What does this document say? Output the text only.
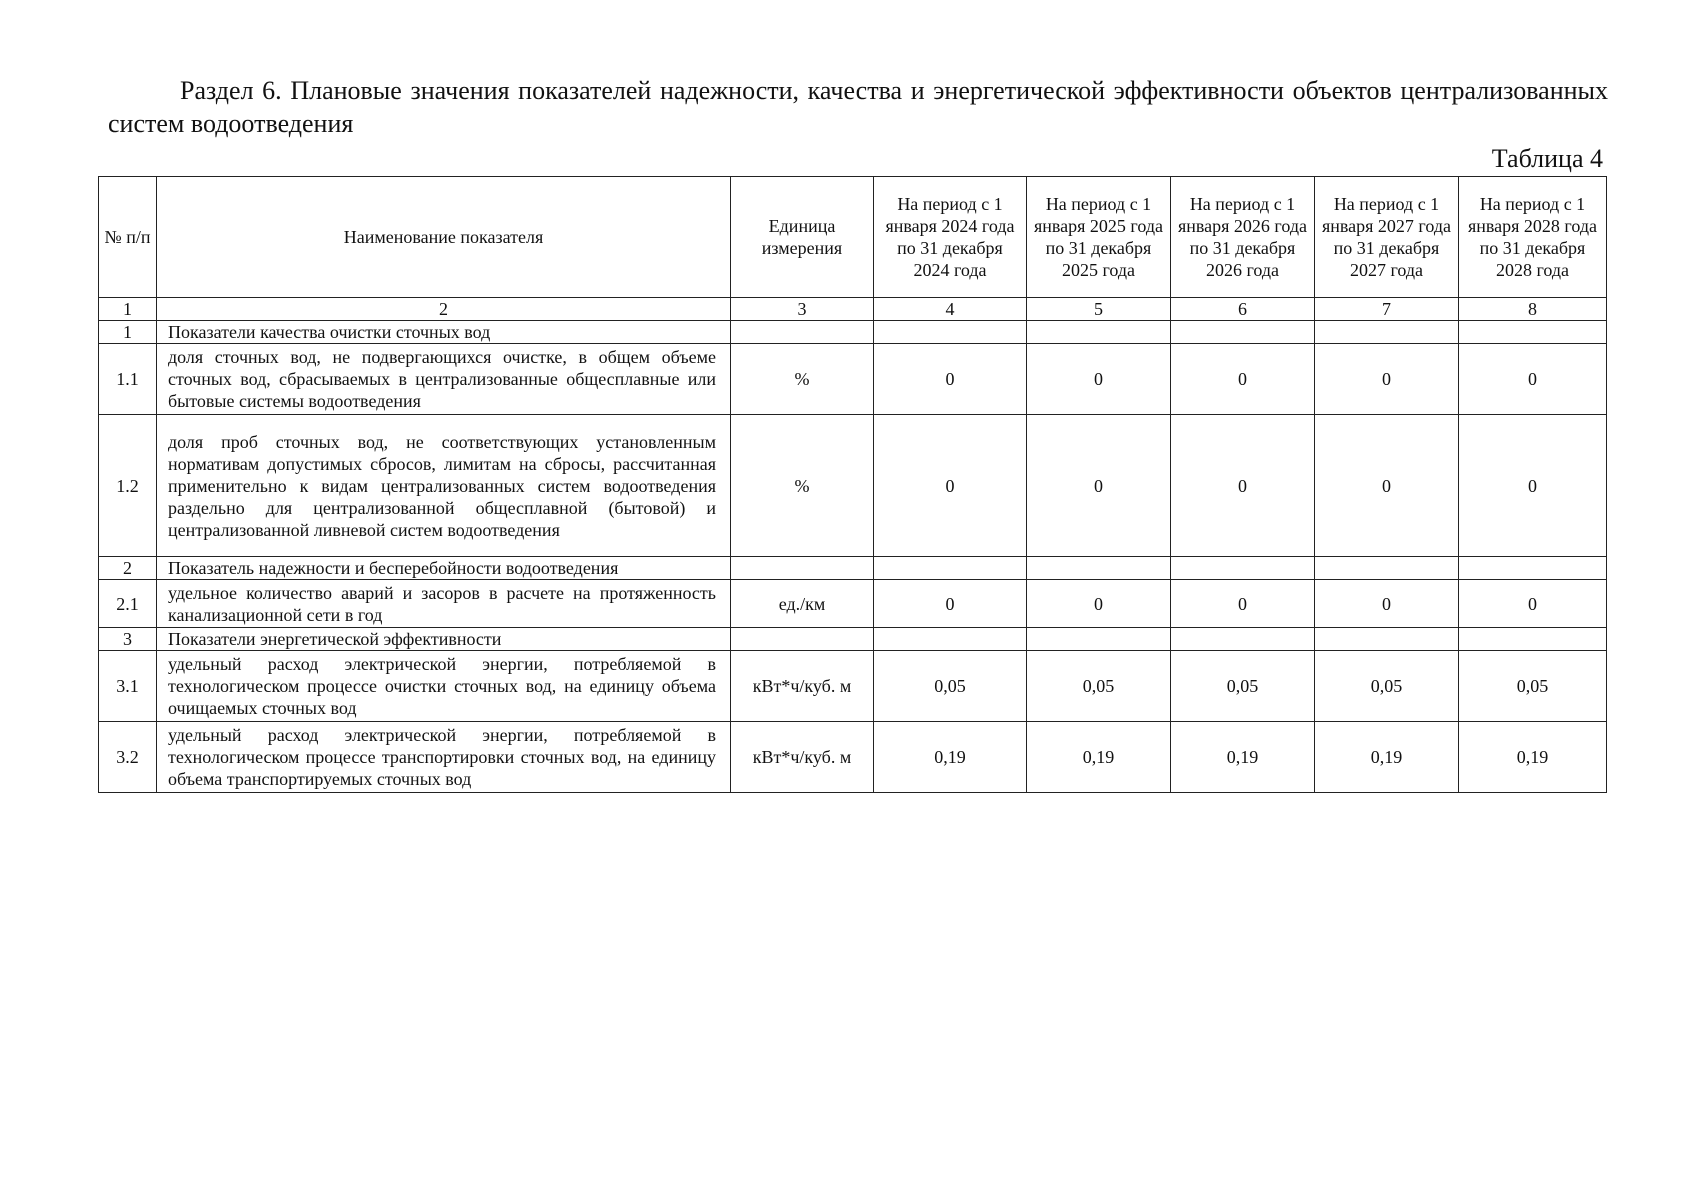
Раздел 6. Плановые значения показателей надежности, качества и энергетической эффективности объектов централизованных систем водоотведения
Таблица 4
№ п/п	Наименование показателя	Единица измерения	На период с 1 января 2024 года по 31 декабря 2024 года	На период с 1 января 2025 года по 31 декабря 2025 года	На период с 1 января 2026 года по 31 декабря 2026 года	На период с 1 января 2027 года по 31 декабря 2027 года	На период с 1 января 2028 года по 31 декабря 2028 года
1	2	3	4	5	6	7	8
1	Показатели качества очистки сточных вод						
1.1	доля сточных вод, не подвергающихся очистке, в общем объеме сточных вод, сбрасываемых в централизованные общесплавные или бытовые системы водоотведения	%	0	0	0	0	0
1.2	доля проб сточных вод, не соответствующих установленным нормативам допустимых сбросов, лимитам на сбросы, рассчитанная применительно к видам централизованных систем водоотведения раздельно для централизованной общесплавной (бытовой) и централизованной ливневой систем водоотведения	%	0	0	0	0	0
2	Показатель надежности и бесперебойности водоотведения						
2.1	удельное количество аварий и засоров в расчете на протяженность канализационной сети в год	ед./км	0	0	0	0	0
3	Показатели энергетической эффективности						
3.1	удельный расход электрической энергии, потребляемой в технологическом процессе очистки сточных вод, на единицу объема очищаемых сточных вод	кВт*ч/куб. м	0,05	0,05	0,05	0,05	0,05
3.2	удельный расход электрической энергии, потребляемой в технологическом процессе транспортировки сточных вод, на единицу объема транспортируемых сточных вод	кВт*ч/куб. м	0,19	0,19	0,19	0,19	0,19
